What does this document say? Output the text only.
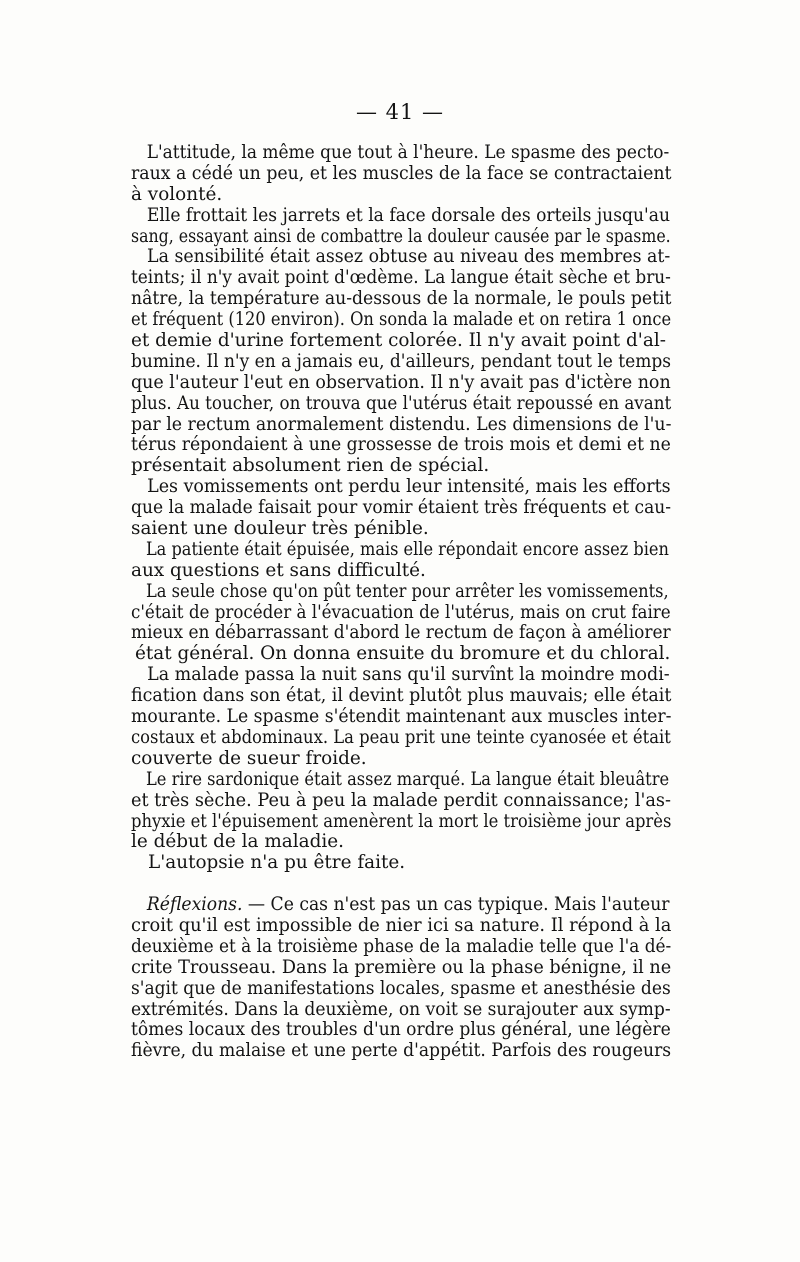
— 41 —
L'attitude, la même que tout à l'heure. Le spasme des pecto-
raux a cédé un peu, et les muscles de la face se contractaient
à volonté.
Elle frottait les jarrets et la face dorsale des orteils jusqu'au
sang, essayant ainsi de combattre la douleur causée par le spasme.
La sensibilité était assez obtuse au niveau des membres at-
teints; il n'y avait point d'œdème. La langue était sèche et bru-
nâtre, la température au-dessous de la normale, le pouls petit
et fréquent (120 environ). On sonda la malade et on retira 1 once
et demie d'urine fortement colorée. Il n'y avait point d'al-
bumine. Il n'y en a jamais eu, d'ailleurs, pendant tout le temps
que l'auteur l'eut en observation. Il n'y avait pas d'ictère non
plus. Au toucher, on trouva que l'utérus était repoussé en avant
par le rectum anormalement distendu. Les dimensions de l'u-
térus répondaient à une grossesse de trois mois et demi et ne
présentait absolument rien de spécial.
Les vomissements ont perdu leur intensité, mais les efforts
que la malade faisait pour vomir étaient très fréquents et cau-
saient une douleur très pénible.
La patiente était épuisée, mais elle répondait encore assez bien
aux questions et sans difficulté.
La seule chose qu'on pût tenter pour arrêter les vomissements,
c'était de procéder à l'évacuation de l'utérus, mais on crut faire
mieux en débarrassant d'abord le rectum de façon à améliorer
état général. On donna ensuite du bromure et du chloral.
La malade passa la nuit sans qu'il survînt la moindre modi-
fication dans son état, il devint plutôt plus mauvais; elle était
mourante. Le spasme s'étendit maintenant aux muscles inter-
costaux et abdominaux. La peau prit une teinte cyanosée et était
couverte de sueur froide.
Le rire sardonique était assez marqué. La langue était bleuâtre
et très sèche. Peu à peu la malade perdit connaissance; l'as-
phyxie et l'épuisement amenèrent la mort le troisième jour après
le début de la maladie.
L'autopsie n'a pu être faite.
Réflexions. — Ce cas n'est pas un cas typique. Mais l'auteur
croit qu'il est impossible de nier ici sa nature. Il répond à la
deuxième et à la troisième phase de la maladie telle que l'a dé-
crite Trousseau. Dans la première ou la phase bénigne, il ne
s'agit que de manifestations locales, spasme et anesthésie des
extrémités. Dans la deuxième, on voit se surajouter aux symp-
tômes locaux des troubles d'un ordre plus général, une légère
fièvre, du malaise et une perte d'appétit. Parfois des rougeurs
